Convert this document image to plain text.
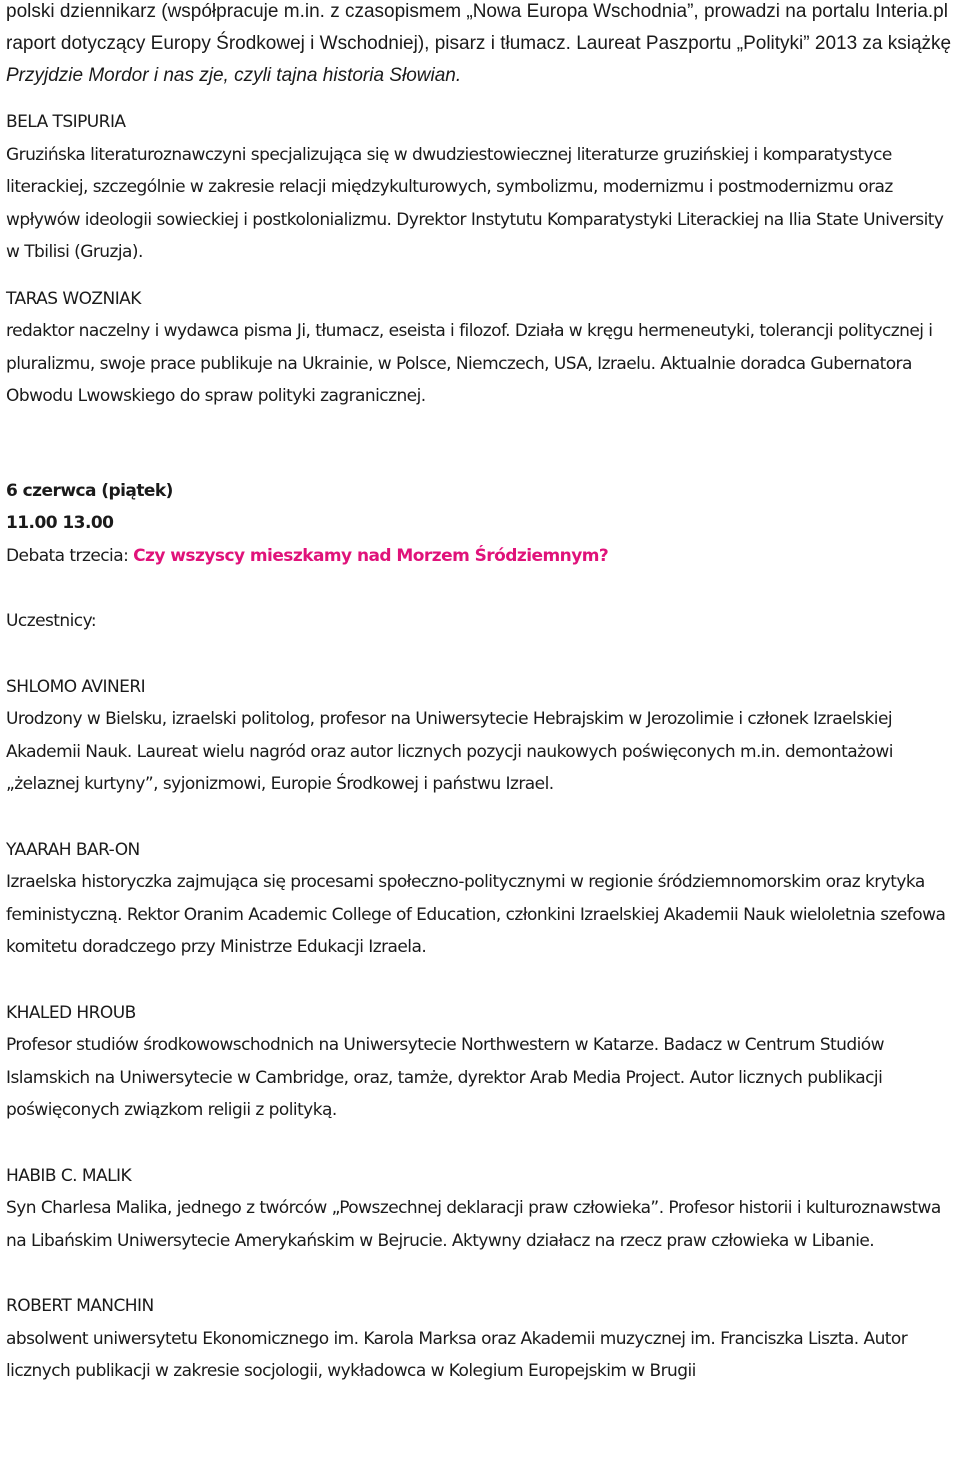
polski dziennikarz (współpracuje m.in. z czasopismem „Nowa Europa Wschodnia”, prowadzi na portalu Interia.pl raport dotyczący Europy Środkowej i Wschodniej), pisarz i tłumacz. Laureat Paszportu „Polityki” 2013 za książkę Przyjdzie Mordor i nas zje, czyli tajna historia Słowian.

BELA TSIPURIA

Gruzińska literaturoznawczyni specjalizująca się w dwudziestowiecznej literaturze gruzińskiej i komparatystyce literackiej, szczególnie w zakresie relacji międzykulturowych, symbolizmu, modernizmu i postmodernizmu oraz wpływów ideologii sowieckiej i postkolonializmu. Dyrektor Instytutu Komparatystyki Literackiej na Ilia State University w Tbilisi (Gruzja).

TARAS WOZNIAK

redaktor naczelny i wydawca pisma Ji, tłumacz, eseista i filozof. Działa w kręgu hermeneutyki, tolerancji politycznej i pluralizmu, swoje prace publikuje na Ukrainie, w Polsce, Niemczech, USA, Izraelu. Aktualnie doradca Gubernatora Obwodu Lwowskiego do spraw polityki zagranicznej.

6 czerwca (piątek)
11.00 13.00

Debata trzecia: Czy wszyscy mieszkamy nad Morzem Śródziemnym?

Uczestnicy:
SHLOMO AVINERI

Urodzony w Bielsku, izraelski politolog, profesor na Uniwersytecie Hebrajskim w Jerozolimie i członek Izraelskiej Akademii Nauk. Laureat wielu nagród oraz autor licznych pozycji naukowych poświęconych m.in. demontażowi „żelaznej kurtyny”, syjonizmowi, Europie Środkowej i państwu Izrael.

YAARAH BAR-ON

Izraelska historyczka zajmująca się procesami społeczno-politycznymi w regionie śródziemnomorskim oraz krytyka feministyczną. Rektor Oranim Academic College of Education, członkini Izraelskiej Akademii Nauk wieloletnia szefowa komitetu doradczego przy Ministrze Edukacji Izraela.

KHALED HROUB

Profesor studiów środkowowschodnich na Uniwersytecie Northwestern w Katarze. Badacz w Centrum Studiów Islamskich na Uniwersytecie w Cambridge, oraz, tamże, dyrektor Arab Media Project. Autor licznych publikacji poświęconych związkom religii z polityką.

HABIB C. MALIK

Syn Charlesa Malika, jednego z twórców „Powszechnej deklaracji praw człowieka”. Profesor historii i kulturoznawstwa na Libańskim Uniwersytecie Amerykańskim w Bejrucie. Aktywny działacz na rzecz praw człowieka w Libanie.

ROBERT MANCHIN

absolwent uniwersytetu Ekonomicznego im. Karola Marksa oraz Akademii muzycznej im. Franciszka Liszta. Autor licznych publikacji w zakresie socjologii, wykładowca w Kolegium Europejskim w Brugii
